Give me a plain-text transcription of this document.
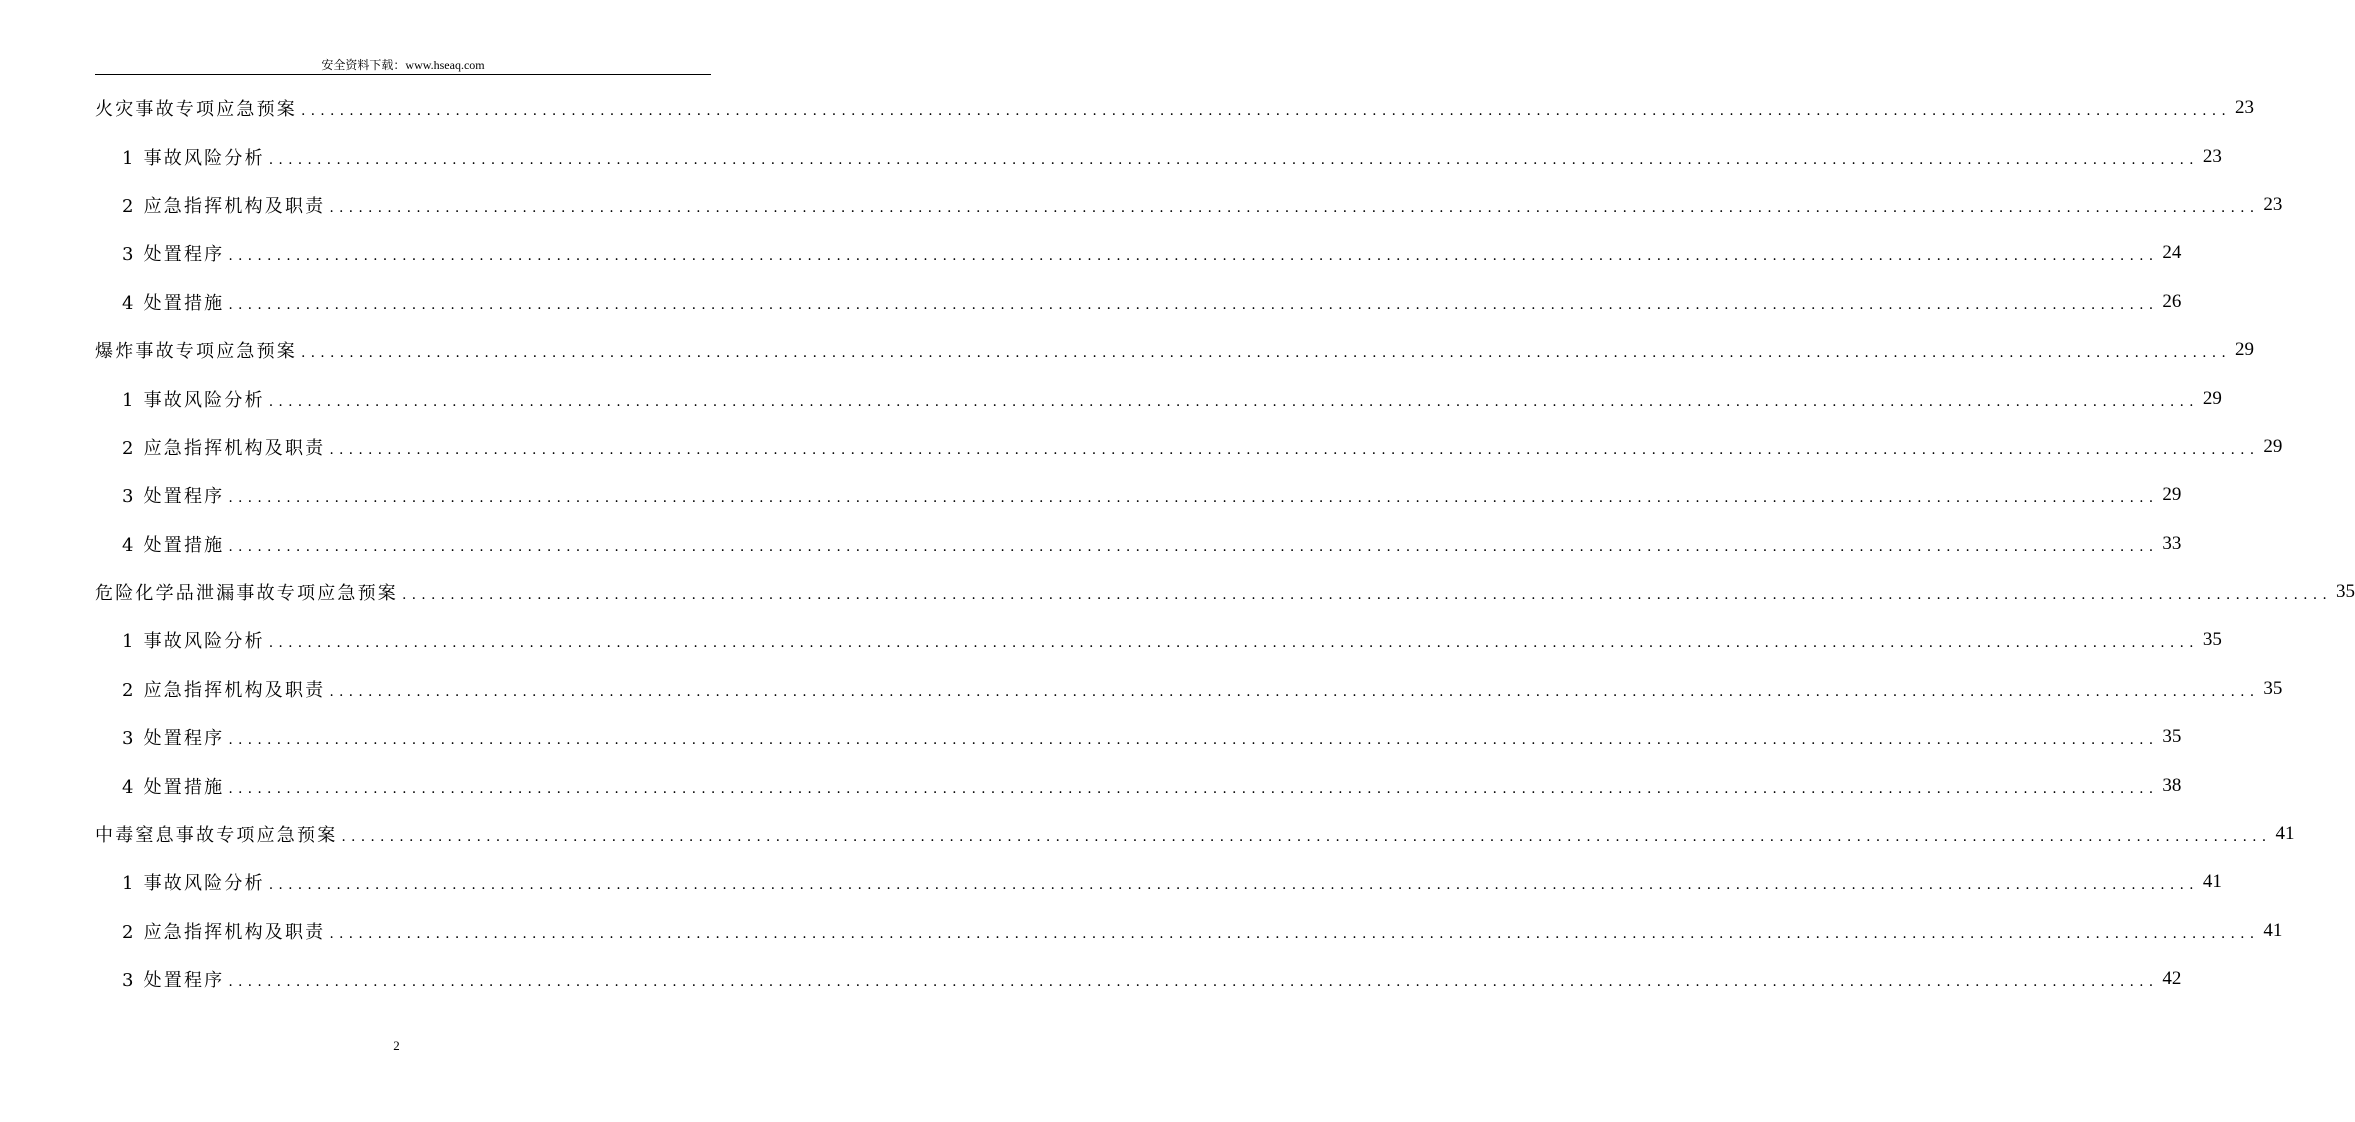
安全资料下载：www.hseaq.com
火灾事故专项应急预案 ........................................................................................................................................................................................................ 23
1 事故风险分析 ........................................................................................................................................................................................................ 23
2 应急指挥机构及职责 ........................................................................................................................................................................................................ 23
3 处置程序 ........................................................................................................................................................................................................ 24
4 处置措施 ........................................................................................................................................................................................................ 26
爆炸事故专项应急预案 ........................................................................................................................................................................................................ 29
1 事故风险分析 ........................................................................................................................................................................................................ 29
2 应急指挥机构及职责 ........................................................................................................................................................................................................ 29
3 处置程序 ........................................................................................................................................................................................................ 29
4 处置措施 ........................................................................................................................................................................................................ 33
危险化学品泄漏事故专项应急预案 ........................................................................................................................................................................................................ 35
1 事故风险分析 ........................................................................................................................................................................................................ 35
2 应急指挥机构及职责 ........................................................................................................................................................................................................ 35
3 处置程序 ........................................................................................................................................................................................................ 35
4 处置措施 ........................................................................................................................................................................................................ 38
中毒窒息事故专项应急预案 ........................................................................................................................................................................................................ 41
1 事故风险分析 ........................................................................................................................................................................................................ 41
2 应急指挥机构及职责 ........................................................................................................................................................................................................ 41
3 处置程序 ........................................................................................................................................................................................................ 42
2
